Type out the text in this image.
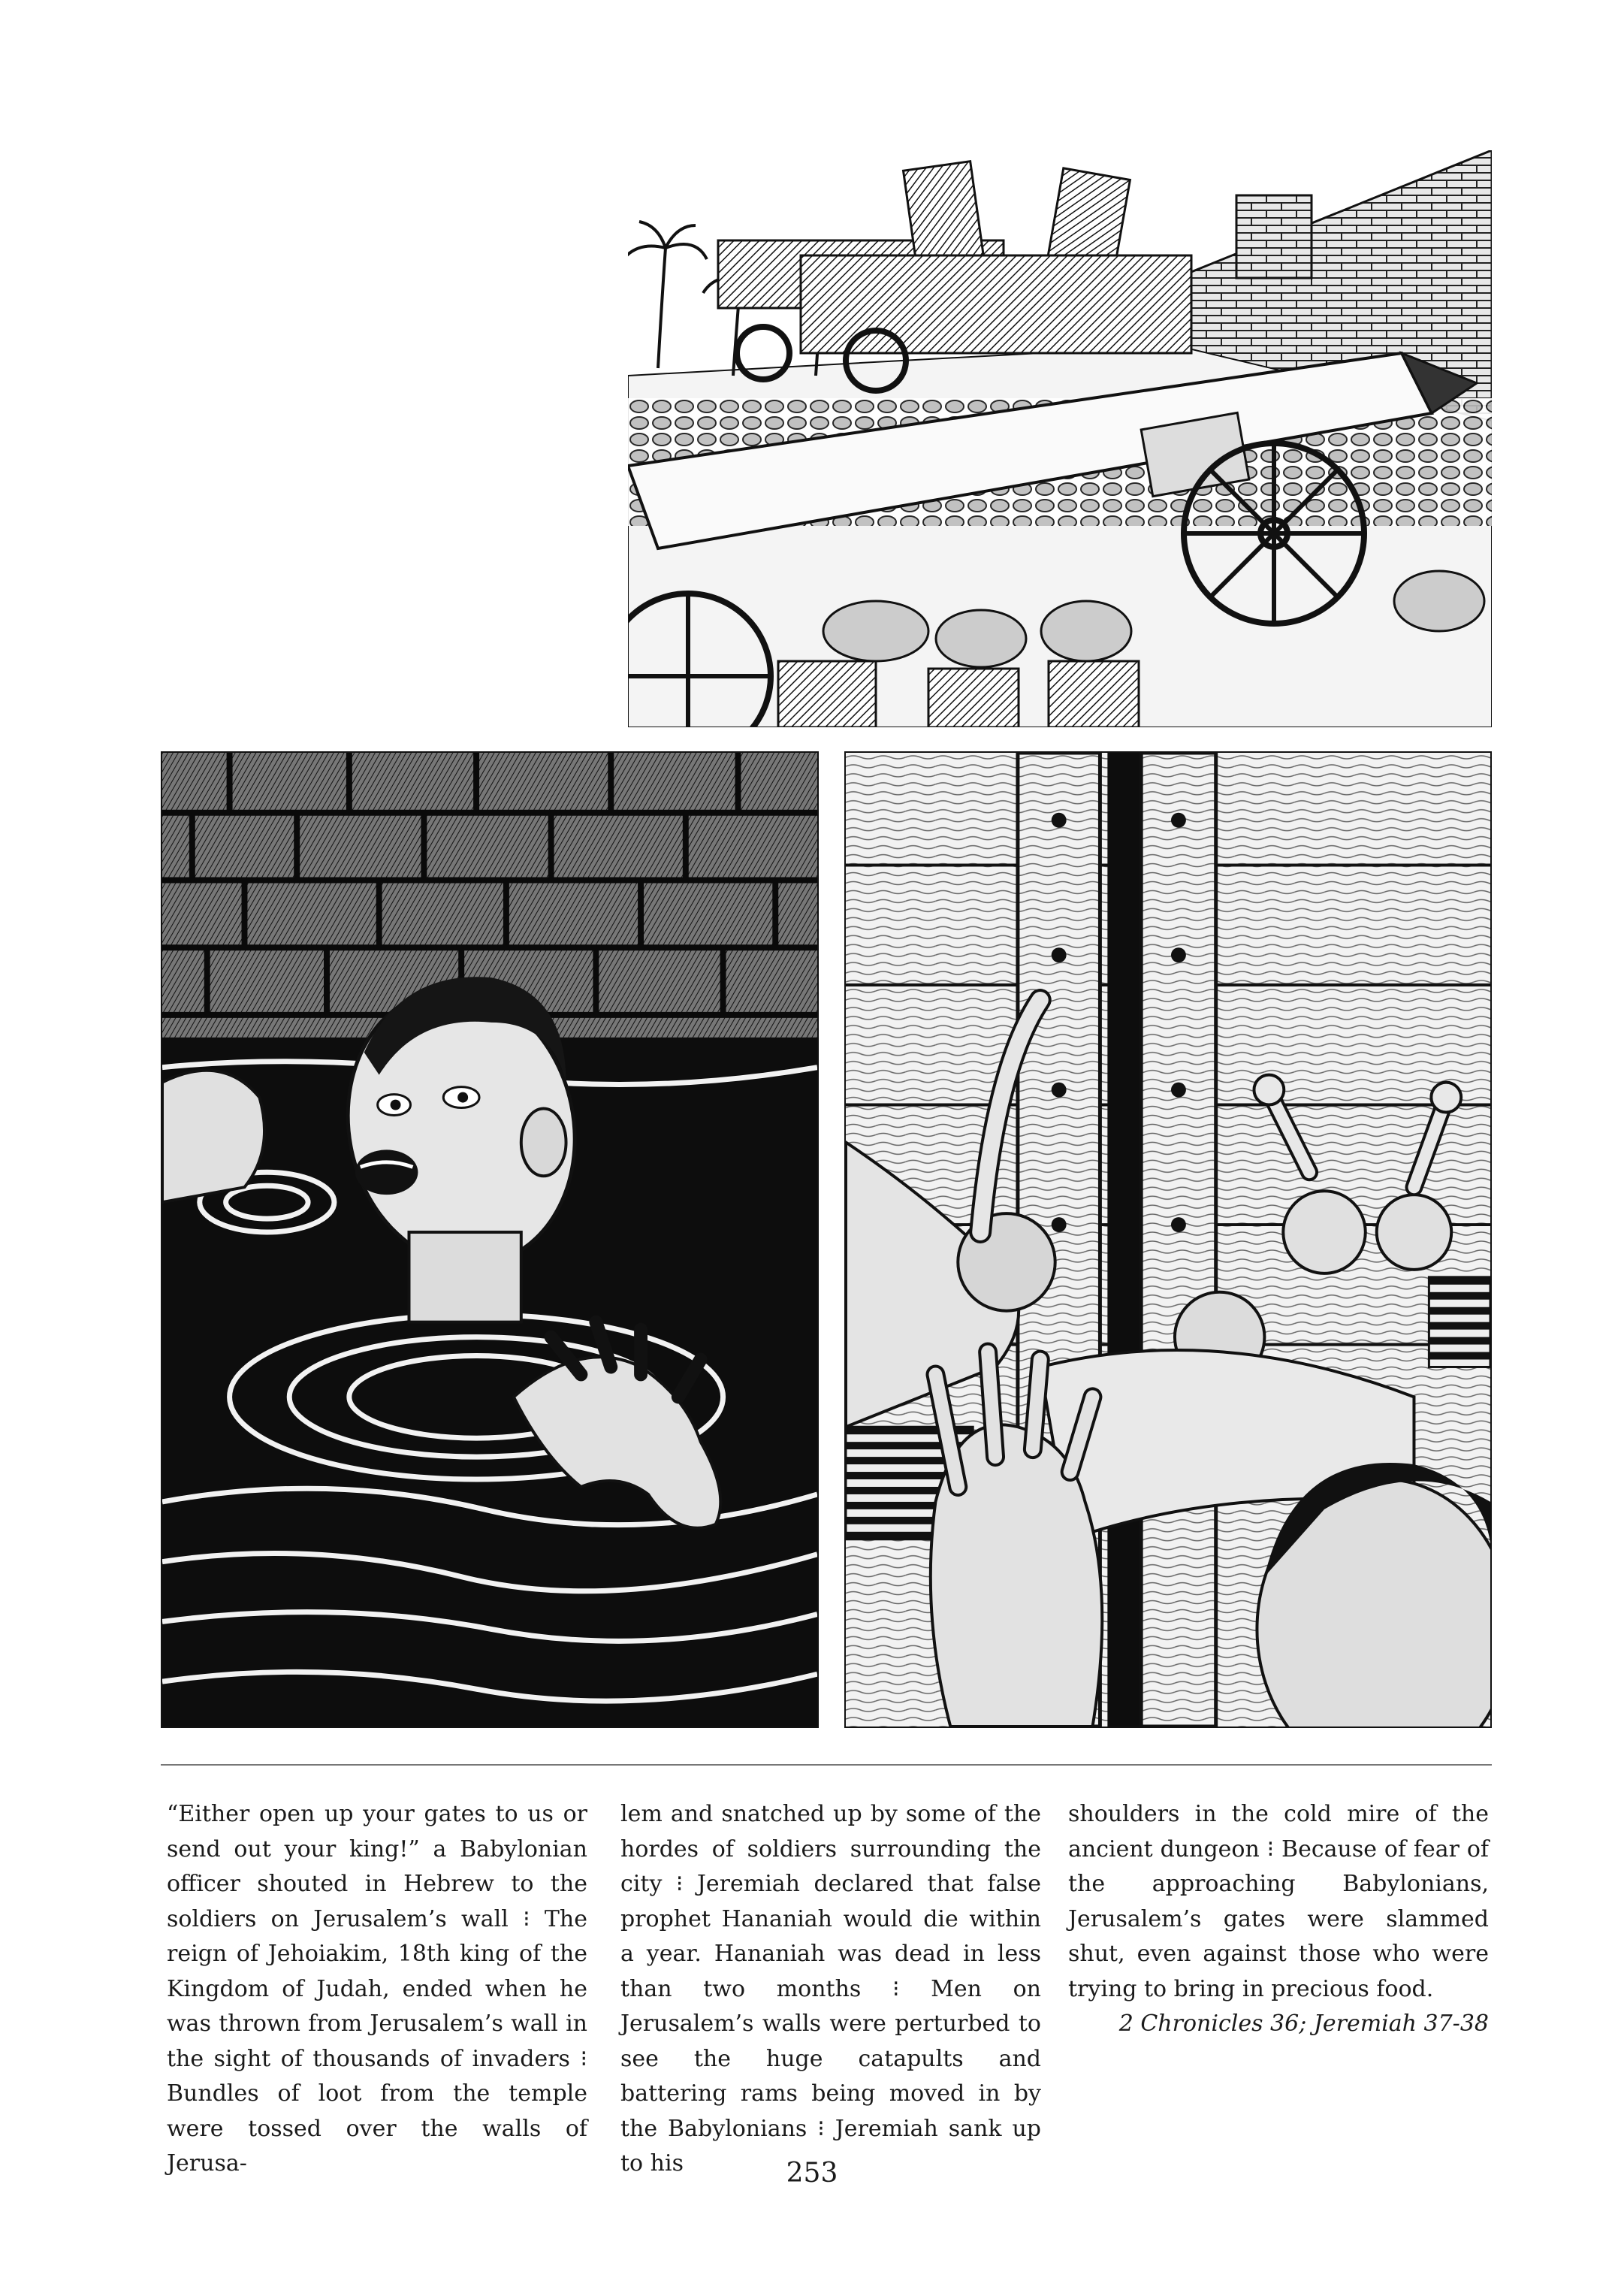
“Either open up your gates to us or send out your king!” a Babylonian officer shouted in Hebrew to the soldiers on Jerusalem’s wall ⁝ The reign of Jehoiakim, 18th king of the Kingdom of Judah, ended when he was thrown from Jerusalem’s wall in the sight of thousands of invaders ⁝ Bundles of loot from the temple were tossed over the walls of Jerusa-

lem and snatched up by some of the hordes of soldiers surrounding the city ⁝ Jeremiah declared that false prophet Hananiah would die within a year. Hananiah was dead in less than two months ⁝ Men on Jerusalem’s walls were perturbed to see the huge catapults and battering rams being moved in by the Babylonians ⁝ Jeremiah sank up to his

shoulders in the cold mire of the ancient dungeon ⁝ Because of fear of the approaching Babylonians, Jerusalem’s gates were slammed shut, even against those who were trying to bring in precious food.

2 Chronicles 36; Jeremiah 37-38
253
